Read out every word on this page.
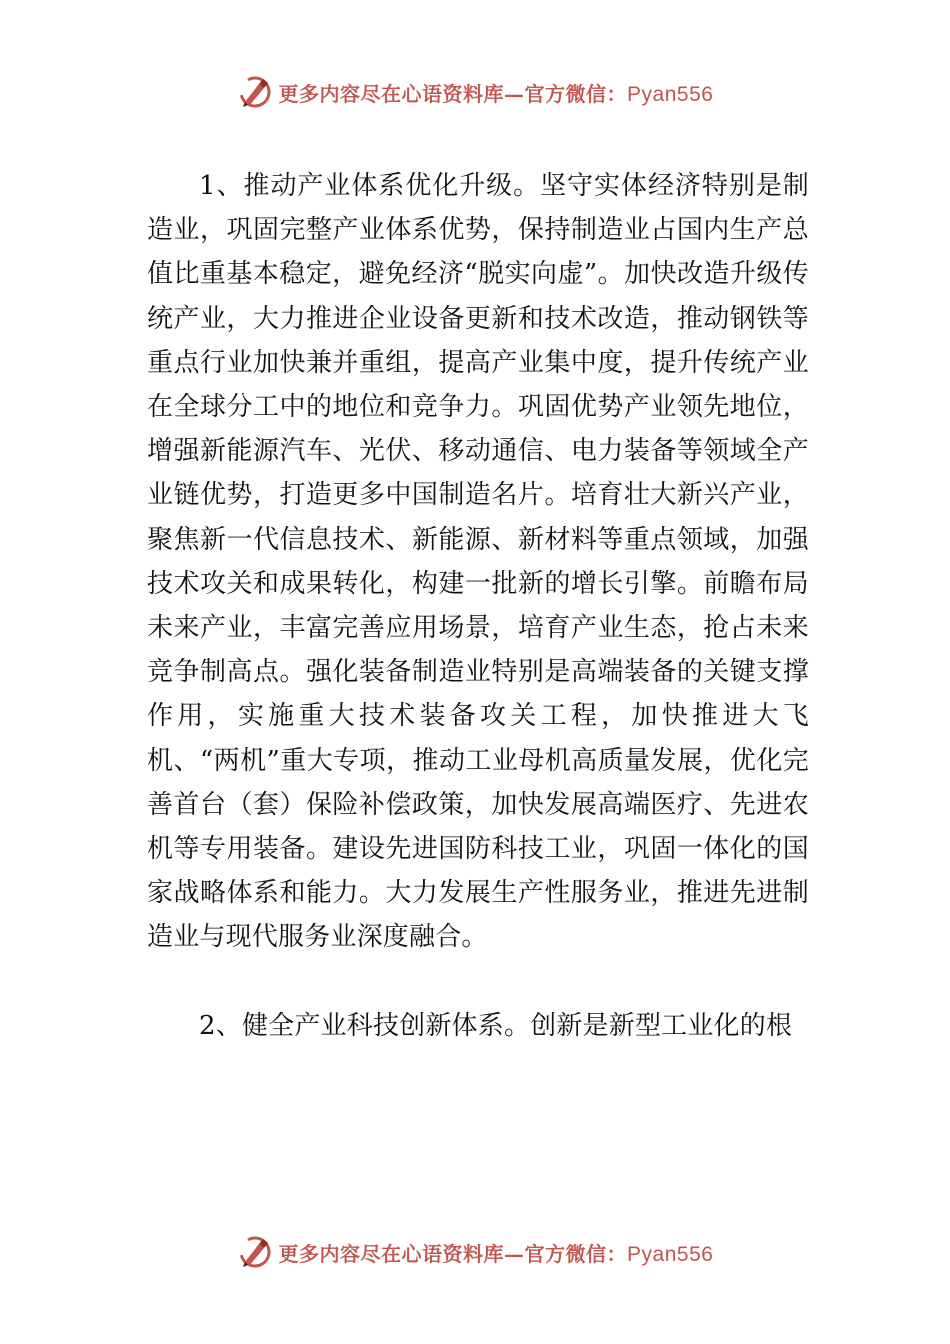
更多内容尽在心语资料库—官方微信：Pyan556

1、推动产业体系优化升级。坚守实体经济特别是制造业，巩固完整产业体系优势，保持制造业占国内生产总值比重基本稳定，避免经济“脱实向虚”。加快改造升级传统产业，大力推进企业设备更新和技术改造，推动钢铁等重点行业加快兼并重组，提高产业集中度，提升传统产业在全球分工中的地位和竞争力。巩固优势产业领先地位，增强新能源汽车、光伏、移动通信、电力装备等领域全产业链优势，打造更多中国制造名片。培育壮大新兴产业，聚焦新一代信息技术、新能源、新材料等重点领域，加强技术攻关和成果转化，构建一批新的增长引擎。前瞻布局未来产业，丰富完善应用场景，培育产业生态，抢占未来竞争制高点。强化装备制造业特别是高端装备的关键支撑作用，实施重大技术装备攻关工程，加快推进大飞机、“两机”重大专项，推动工业母机高质量发展，优化完善首台（套）保险补偿政策，加快发展高端医疗、先进农机等专用装备。建设先进国防科技工业，巩固一体化的国家战略体系和能力。大力发展生产性服务业，推进先进制造业与现代服务业深度融合。

2、健全产业科技创新体系。创新是新型工业化的根

更多内容尽在心语资料库—官方微信：Pyan556
